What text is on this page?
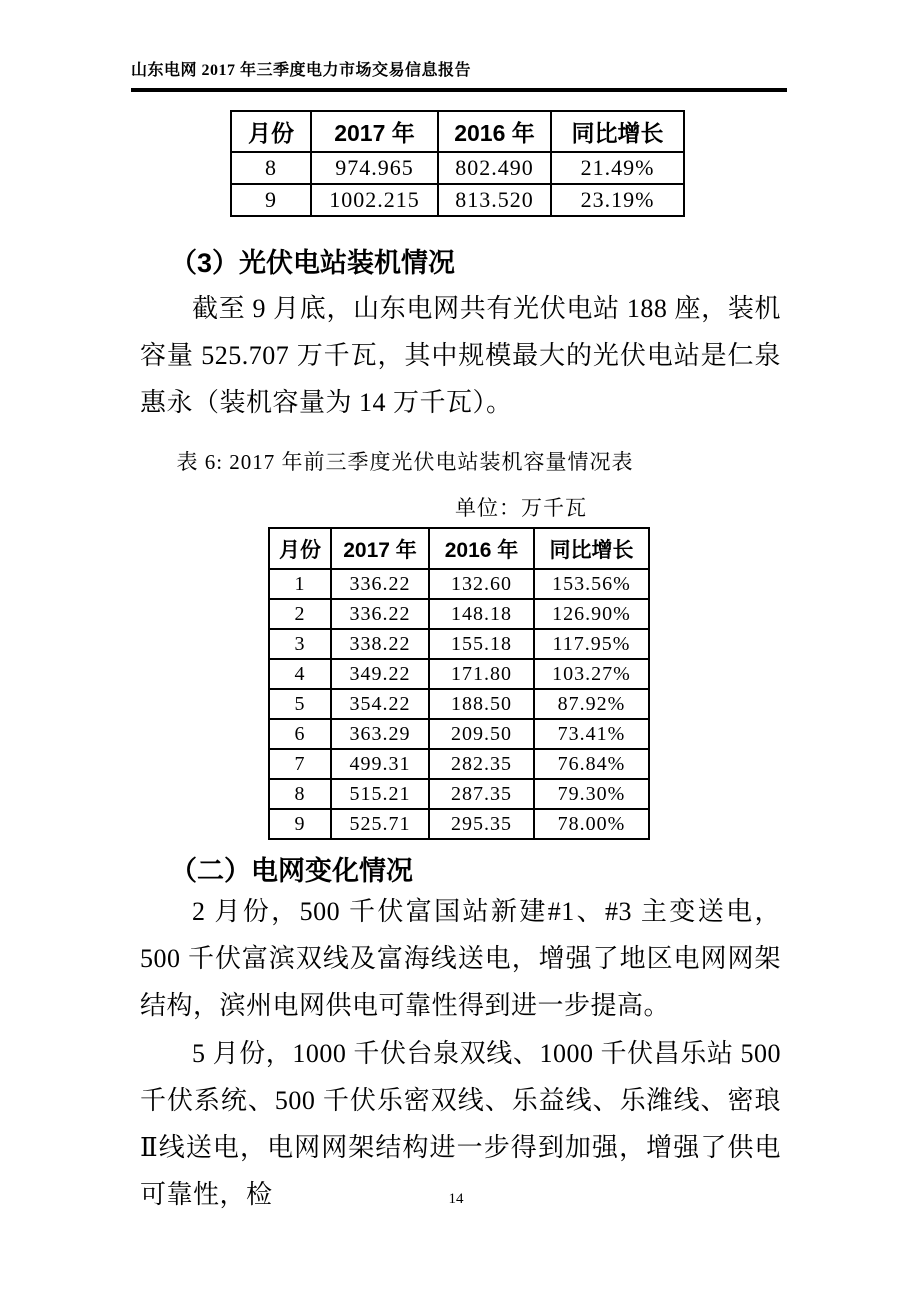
山东电网 2017 年三季度电力市场交易信息报告
月份	2017 年	2016 年	同比增长
8	974.965	802.490	21.49%
9	1002.215	813.520	23.19%
（3）光伏电站装机情况

截至 9 月底，山东电网共有光伏电站 188 座，装机容量 525.707 万千瓦，其中规模最大的光伏电站是仁泉惠永（装机容量为 14 万千瓦）。

表 6: 2017 年前三季度光伏电站装机容量情况表
单位：万千瓦
月份	2017 年	2016 年	同比增长
1	336.22	132.60	153.56%
2	336.22	148.18	126.90%
3	338.22	155.18	117.95%
4	349.22	171.80	103.27%
5	354.22	188.50	87.92%
6	363.29	209.50	73.41%
7	499.31	282.35	76.84%
8	515.21	287.35	79.30%
9	525.71	295.35	78.00%
（二）电网变化情况

2 月份，500 千伏富国站新建#1、#3 主变送电，500 千伏富滨双线及富海线送电，增强了地区电网网架结构，滨州电网供电可靠性得到进一步提高。

5 月份，1000 千伏台泉双线、1000 千伏昌乐站 500 千伏系统、500 千伏乐密双线、乐益线、乐潍线、密琅Ⅱ线送电，电网网架结构进一步得到加强，增强了供电可靠性，检	14
